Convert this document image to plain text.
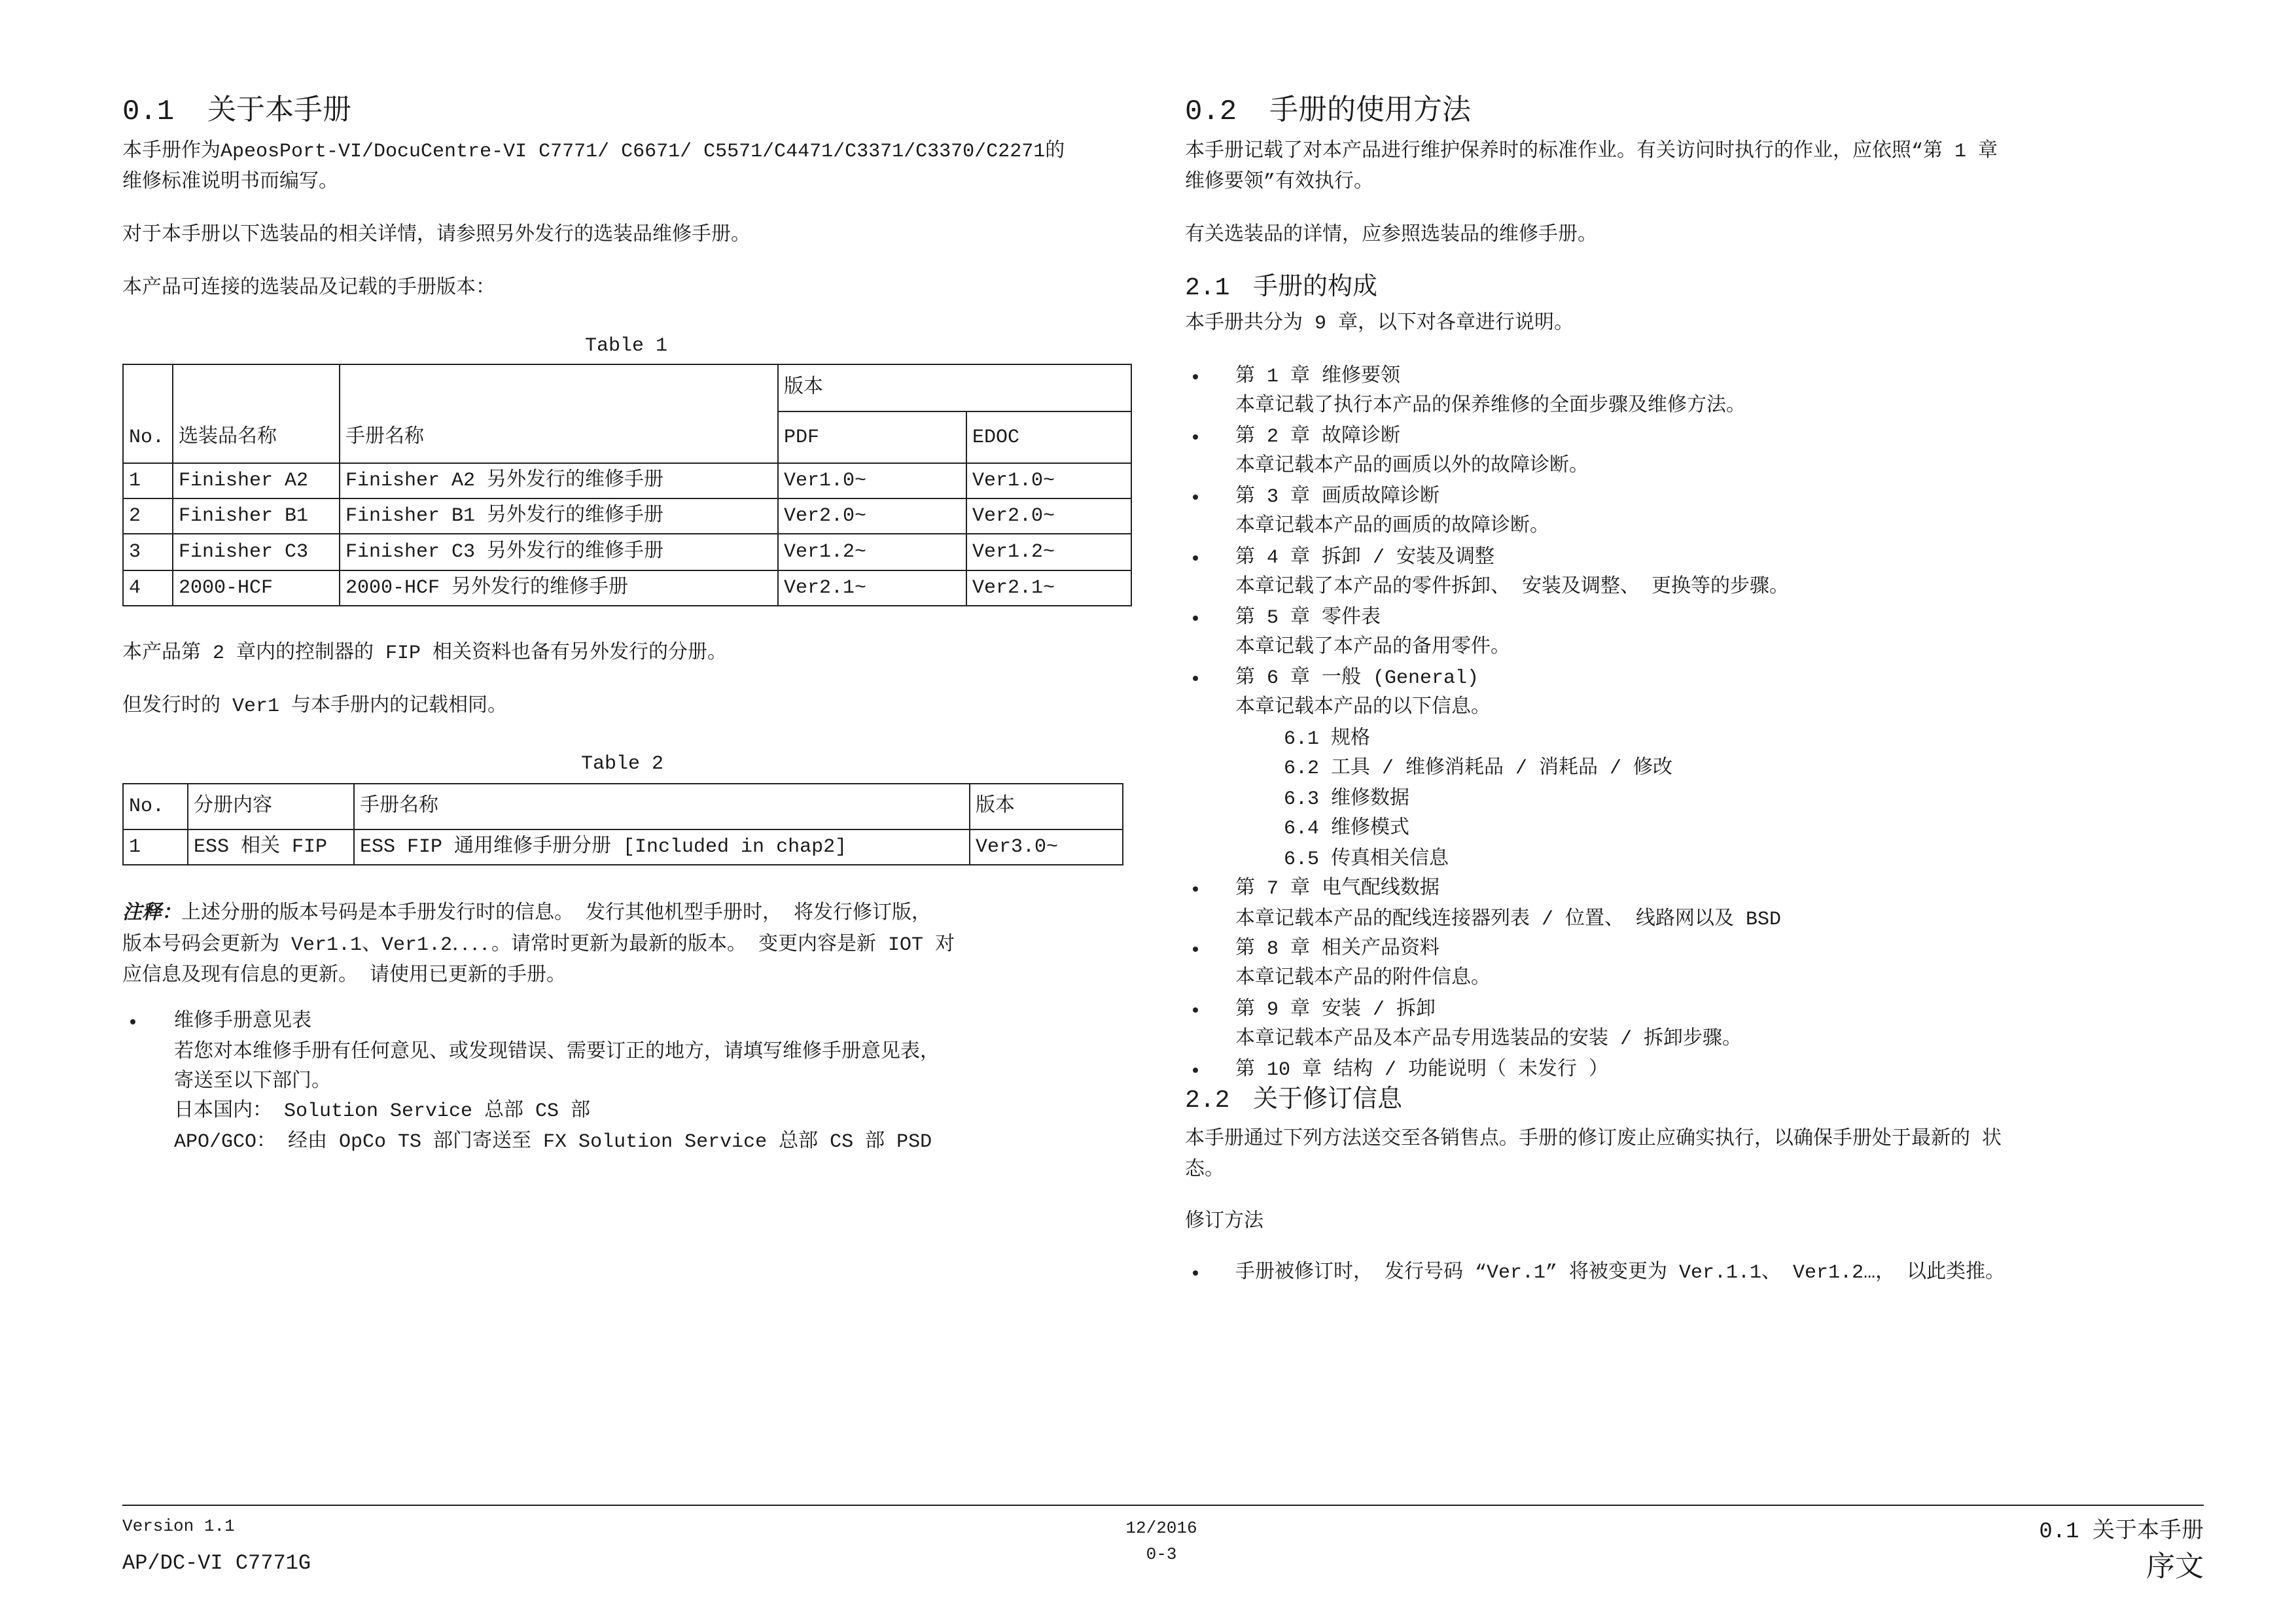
0.1 关于本手册
本手册作为ApeosPort-VI/DocuCentre-VI C7771/ C6671/ C5571/C4471/C3371/C3370/C2271的
维修标准说明书而编写。
对于本手册以下选装品的相关详情，请参照另外发行的选装品维修手册。
本产品可连接的选装品及记载的手册版本：
Table 1
No.	选装品名称	手册名称	版本	
			PDF	EDOC
1	Finisher A2	Finisher A2 另外发行的维修手册	Ver1.0~	Ver1.0~
2	Finisher B1	Finisher B1 另外发行的维修手册	Ver2.0~	Ver2.0~
3	Finisher C3	Finisher C3 另外发行的维修手册	Ver1.2~	Ver1.2~
4	2000-HCF	2000-HCF 另外发行的维修手册	Ver2.1~	Ver2.1~
本产品第 2 章内的控制器的 FIP 相关资料也备有另外发行的分册。
但发行时的 Ver1 与本手册内的记载相同。
Table 2
No.	分册内容	手册名称	版本
1	ESS 相关 FIP	ESS FIP 通用维修手册分册 [Included in chap2]	Ver3.0~
注释：上述分册的版本号码是本手册发行时的信息。 发行其他机型手册时， 将发行修订版，
版本号码会更新为 Ver1.1、Ver1.2．．．．。请常时更新为最新的版本。 变更内容是新 IOT 对
应信息及现有信息的更新。 请使用已更新的手册。
维修手册意见表
若您对本维修手册有任何意见、或发现错误、需要订正的地方，请填写维修手册意见表，
寄送至以下部门。
日本国内： Solution Service 总部 CS 部
APO/GCO： 经由 OpCo TS 部门寄送至 FX Solution Service 总部 CS 部 PSD
0.2 手册的使用方法
本手册记载了对本产品进行维护保养时的标准作业。有关访问时执行的作业，应依照“第 1 章
维修要领”有效执行。
有关选装品的详情，应参照选装品的维修手册。
2.1 手册的构成
本手册共分为 9 章，以下对各章进行说明。
第 1 章 维修要领
本章记载了执行本产品的保养维修的全面步骤及维修方法。
第 2 章 故障诊断
本章记载本产品的画质以外的故障诊断。
第 3 章 画质故障诊断
本章记载本产品的画质的故障诊断。
第 4 章 拆卸 / 安装及调整
本章记载了本产品的零件拆卸、 安装及调整、 更换等的步骤。
第 5 章 零件表
本章记载了本产品的备用零件。
第 6 章 一般 (General)
本章记载本产品的以下信息。
6.1 规格
6.2 工具 / 维修消耗品 / 消耗品 / 修改
6.3 维修数据
6.4 维修模式
6.5 传真相关信息
第 7 章 电气配线数据
本章记载本产品的配线连接器列表 / 位置、 线路网以及 BSD
第 8 章 相关产品资料
本章记载本产品的附件信息。
第 9 章 安装 / 拆卸
本章记载本产品及本产品专用选装品的安装 / 拆卸步骤。
第 10 章 结构 / 功能说明（ 未发行 ）
2.2 关于修订信息
本手册通过下列方法送交至各销售点。手册的修订废止应确实执行，以确保手册处于最新的 状
态。
修订方法
手册被修订时， 发行号码 “Ver.1” 将被变更为 Ver.1.1、 Ver1.2…， 以此类推。
Version 1.1
AP/DC-VI C7771G
12/2016
0-3
0.1 关于本手册
序文
